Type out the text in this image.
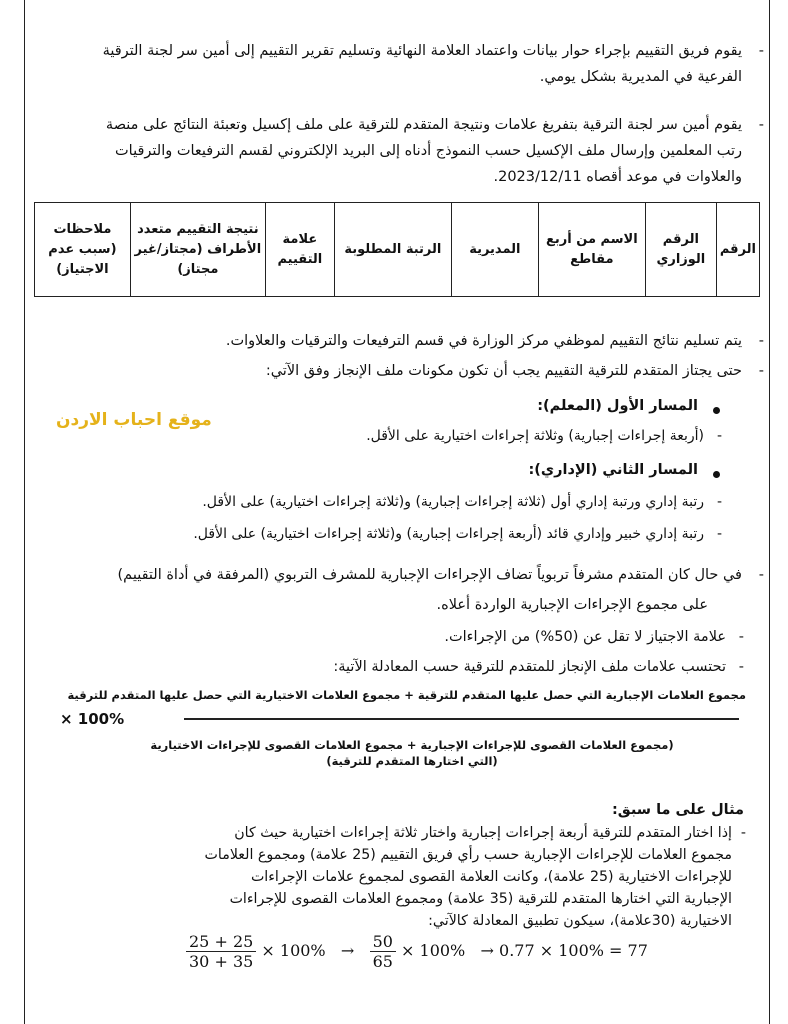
-
يقوم فريق التقييم بإجراء حوار بيانات واعتماد العلامة النهائية وتسليم تقرير التقييم إلى أمين سر لجنة الترقية الفرعية في المديرية بشكل يومي.
-
يقوم أمين سر لجنة الترقية بتفريغ علامات ونتيجة المتقدم للترقية على ملف إكسيل وتعبئة النتائج على منصة رتب المعلمين وإرسال ملف الإكسيل حسب النموذج أدناه إلى البريد الإلكتروني لقسم الترفيعات والترقيات والعلاوات في موعد أقصاه 2023/12/11.
الرقم	الرقم الوزاري	الاسم من أربع مقاطع	المديرية	الرتبة المطلوبة	علامة التقييم	نتيجة التقييم متعدد الأطراف (مجتاز/غير مجتاز)	ملاحظات (سبب عدم الاجتياز)
-
يتم تسليم نتائج التقييم لموظفي مركز الوزارة في قسم الترفيعات والترقيات والعلاوات.
-
حتى يجتاز المتقدم للترقية التقييم يجب أن تكون مكونات ملف الإنجاز وفق الآتي:
موقع احباب الاردن
المسار الأول (المعلم):
-
(أربعة إجراءات إجبارية) وثلاثة إجراءات اختيارية على الأقل.
المسار الثاني (الإداري):
-
رتبة إداري ورتبة إداري أول (ثلاثة إجراءات إجبارية) و(ثلاثة إجراءات اختيارية) على الأقل.
-
رتبة إداري خبير وإداري قائد (أربعة إجراءات إجبارية) و(ثلاثة إجراءات اختيارية) على الأقل.
-
في حال كان المتقدم مشرفاً تربوياً تضاف الإجراءات الإجبارية للمشرف التربوي (المرفقة في أداة التقييم)
على مجموع الإجراءات الإجبارية الواردة أعلاه.
-
علامة الاجتياز لا تقل عن (50%) من الإجراءات.
-
تحتسب علامات ملف الإنجاز للمتقدم للترقية حسب المعادلة الآتية:
مجموع العلامات الإجبارية التي حصل عليها المتقدم للترقية + مجموع العلامات الاختيارية التي حصل عليها المتقدم للترقية
× 100%
(مجموع العلامات القصوى للإجراءات الإجبارية + مجموع العلامات القصوى للإجراءات الاختيارية
(التي اختارها المتقدم للترقية)
مثال على ما سبق:
-
إذا اختار المتقدم للترقية أربعة إجراءات إجبارية واختار ثلاثة إجراءات اختيارية حيث كان
مجموع العلامات للإجراءات الإجبارية حسب رأي فريق التقييم (25 علامة) ومجموع العلامات
للإجراءات الاختيارية (25 علامة)، وكانت العلامة القصوى لمجموع علامات الإجراءات
الإجبارية التي اختارها المتقدم للترقية (35 علامة) ومجموع العلامات القصوى للإجراءات
الاختيارية (30علامة)، سيكون تطبيق المعادلة كالآتي:
$\frac{25 + 25}{30 + 35} \times 100\% \to \frac{50}{65} \times 100\% \to 0.77 \times 100\% = 77$
